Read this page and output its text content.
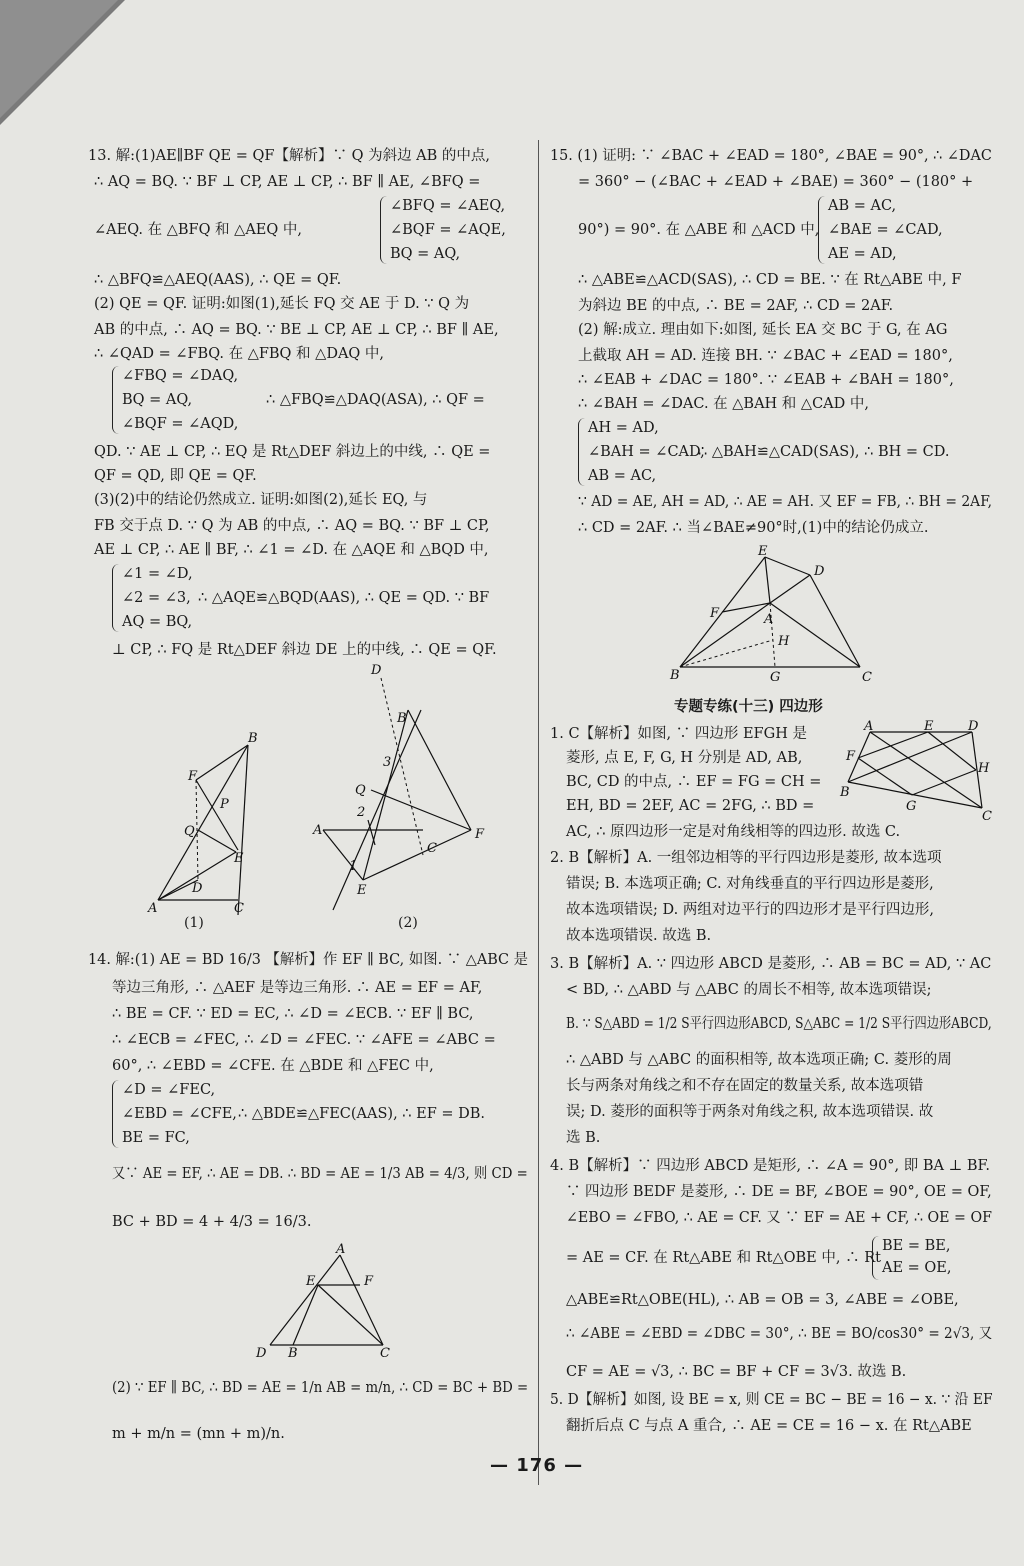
13. 解:(1)AE∥BF QE = QF【解析】∵ Q 为斜边 AB 的中点,
∴ AQ = BQ. ∵ BF ⊥ CP, AE ⊥ CP, ∴ BF ∥ AE, ∠BFQ =
∠AEQ. 在 △BFQ 和 △AEQ 中,
∠BFQ = ∠AEQ,
∠BQF = ∠AQE,
BQ = AQ,
∴ △BFQ≌△AEQ(AAS), ∴ QE = QF.
(2) QE = QF. 证明:如图(1),延长 FQ 交 AE 于 D. ∵ Q 为
AB 的中点, ∴ AQ = BQ. ∵ BE ⊥ CP, AE ⊥ CP, ∴ BF ∥ AE,
∴ ∠QAD = ∠FBQ. 在 △FBQ 和 △DAQ 中,
∠FBQ = ∠DAQ,
BQ = AQ,
∠BQF = ∠AQD,
∴ △FBQ≌△DAQ(ASA), ∴ QF =
QD. ∵ AE ⊥ CP, ∴ EQ 是 Rt△DEF 斜边上的中线, ∴ QE =
QF = QD, 即 QE = QF.
(3)(2)中的结论仍然成立. 证明:如图(2),延长 EQ, 与
FB 交于点 D. ∵ Q 为 AB 的中点, ∴ AQ = BQ. ∵ BF ⊥ CP,
AE ⊥ CP, ∴ AE ∥ BF, ∴ ∠1 = ∠D. 在 △AQE 和 △BQD 中,
∠1 = ∠D,
∠2 = ∠3,
AQ = BQ,
∴ △AQE≌△BQD(AAS), ∴ QE = QD. ∵ BF
⊥ CP, ∴ FQ 是 Rt△DEF 斜边 DE 上的中线, ∴ QE = QF.
B
F
P
Q
E
D
A	C
(1)
D
B
3
Q
2
F
A
C
1
E
(2)
14. 解:(1) AE = BD 16/3 【解析】作 EF ∥ BC, 如图. ∵ △ABC 是
等边三角形, ∴ △AEF 是等边三角形. ∴ AE = EF = AF,
∴ BE = CF. ∵ ED = EC, ∴ ∠D = ∠ECB. ∵ EF ∥ BC,
∴ ∠ECB = ∠FEC, ∴ ∠D = ∠FEC. ∵ ∠AFE = ∠ABC =
60°, ∴ ∠EBD = ∠CFE. 在 △BDE 和 △FEC 中,
∠D = ∠FEC,
∠EBD = ∠CFE,
BE = FC,
∴ △BDE≌△FEC(AAS), ∴ EF = DB.
又∵ AE = EF, ∴ AE = DB. ∴ BD = AE = 1/3 AB = 4/3, 则 CD =
BC + BD = 4 + 4/3 = 16/3.
A
E	F
D B	C
(2) ∵ EF ∥ BC, ∴ BD = AE = 1/n AB = m/n, ∴ CD = BC + BD =
m + m/n = (mn + m)/n.
15. (1) 证明: ∵ ∠BAC + ∠EAD = 180°, ∠BAE = 90°, ∴ ∠DAC
= 360° − (∠BAC + ∠EAD + ∠BAE) = 360° − (180° +
90°) = 90°. 在 △ABE 和 △ACD 中,
AB = AC,
∠BAE = ∠CAD,
AE = AD,
∴ △ABE≌△ACD(SAS), ∴ CD = BE. ∵ 在 Rt△ABE 中, F
为斜边 BE 的中点, ∴ BE = 2AF, ∴ CD = 2AF.
(2) 解:成立. 理由如下:如图, 延长 EA 交 BC 于 G, 在 AG
上截取 AH = AD. 连接 BH. ∵ ∠BAC + ∠EAD = 180°,
∴ ∠EAB + ∠DAC = 180°. ∵ ∠EAB + ∠BAH = 180°,
∴ ∠BAH = ∠DAC. 在 △BAH 和 △CAD 中,
AH = AD,
∠BAH = ∠CAD,
AB = AC,
∴ △BAH≌△CAD(SAS), ∴ BH = CD.
∵ AD = AE, AH = AD, ∴ AE = AH. 又 EF = FB, ∴ BH = 2AF,
∴ CD = 2AF. ∴ 当∠BAE≠90°时,(1)中的结论仍成立.
E
D
F	A
H
B	G	C
专题专练(十三) 四边形
1. C【解析】如图, ∵ 四边形 EFGH 是
菱形, 点 E, F, G, H 分别是 AD, AB,
BC, CD 的中点, ∴ EF = FG = CH =
EH, BD = 2EF, AC = 2FG, ∴ BD =
AC, ∴ 原四边形一定是对角线相等的四边形. 故选 C.
A	E	D
F
H
B
G
C
2. B【解析】A. 一组邻边相等的平行四边形是菱形, 故本选项
错误; B. 本选项正确; C. 对角线垂直的平行四边形是菱形,
故本选项错误; D. 两组对边平行的四边形才是平行四边形,
故本选项错误. 故选 B.
3. B【解析】A. ∵ 四边形 ABCD 是菱形, ∴ AB = BC = AD, ∵ AC
< BD, ∴ △ABD 与 △ABC 的周长不相等, 故本选项错误;
B. ∵ S△ABD = 1/2 S平行四边形ABCD, S△ABC = 1/2 S平行四边形ABCD,
∴ △ABD 与 △ABC 的面积相等, 故本选项正确; C. 菱形的周
长与两条对角线之和不存在固定的数量关系, 故本选项错
误; D. 菱形的面积等于两条对角线之积, 故本选项错误. 故
选 B.
4. B【解析】∵ 四边形 ABCD 是矩形, ∴ ∠A = 90°, 即 BA ⊥ BF.
∵ 四边形 BEDF 是菱形, ∴ DE = BF, ∠BOE = 90°, OE = OF,
∠EBO = ∠FBO, ∴ AE = CF. 又 ∵ EF = AE + CF, ∴ OE = OF
= AE = CF. 在 Rt△ABE 和 Rt△OBE 中, ∴ Rt
BE = BE,
AE = OE,
△ABE≌Rt△OBE(HL), ∴ AB = OB = 3, ∠ABE = ∠OBE,
∴ ∠ABE = ∠EBD = ∠DBC = 30°, ∴ BE = BO/cos30° = 2√3, 又
CF = AE = √3, ∴ BC = BF + CF = 3√3. 故选 B.
5. D【解析】如图, 设 BE = x, 则 CE = BC − BE = 16 − x. ∵ 沿 EF
翻折后点 C 与点 A 重合, ∴ AE = CE = 16 − x. 在 Rt△ABE
— 176 —
